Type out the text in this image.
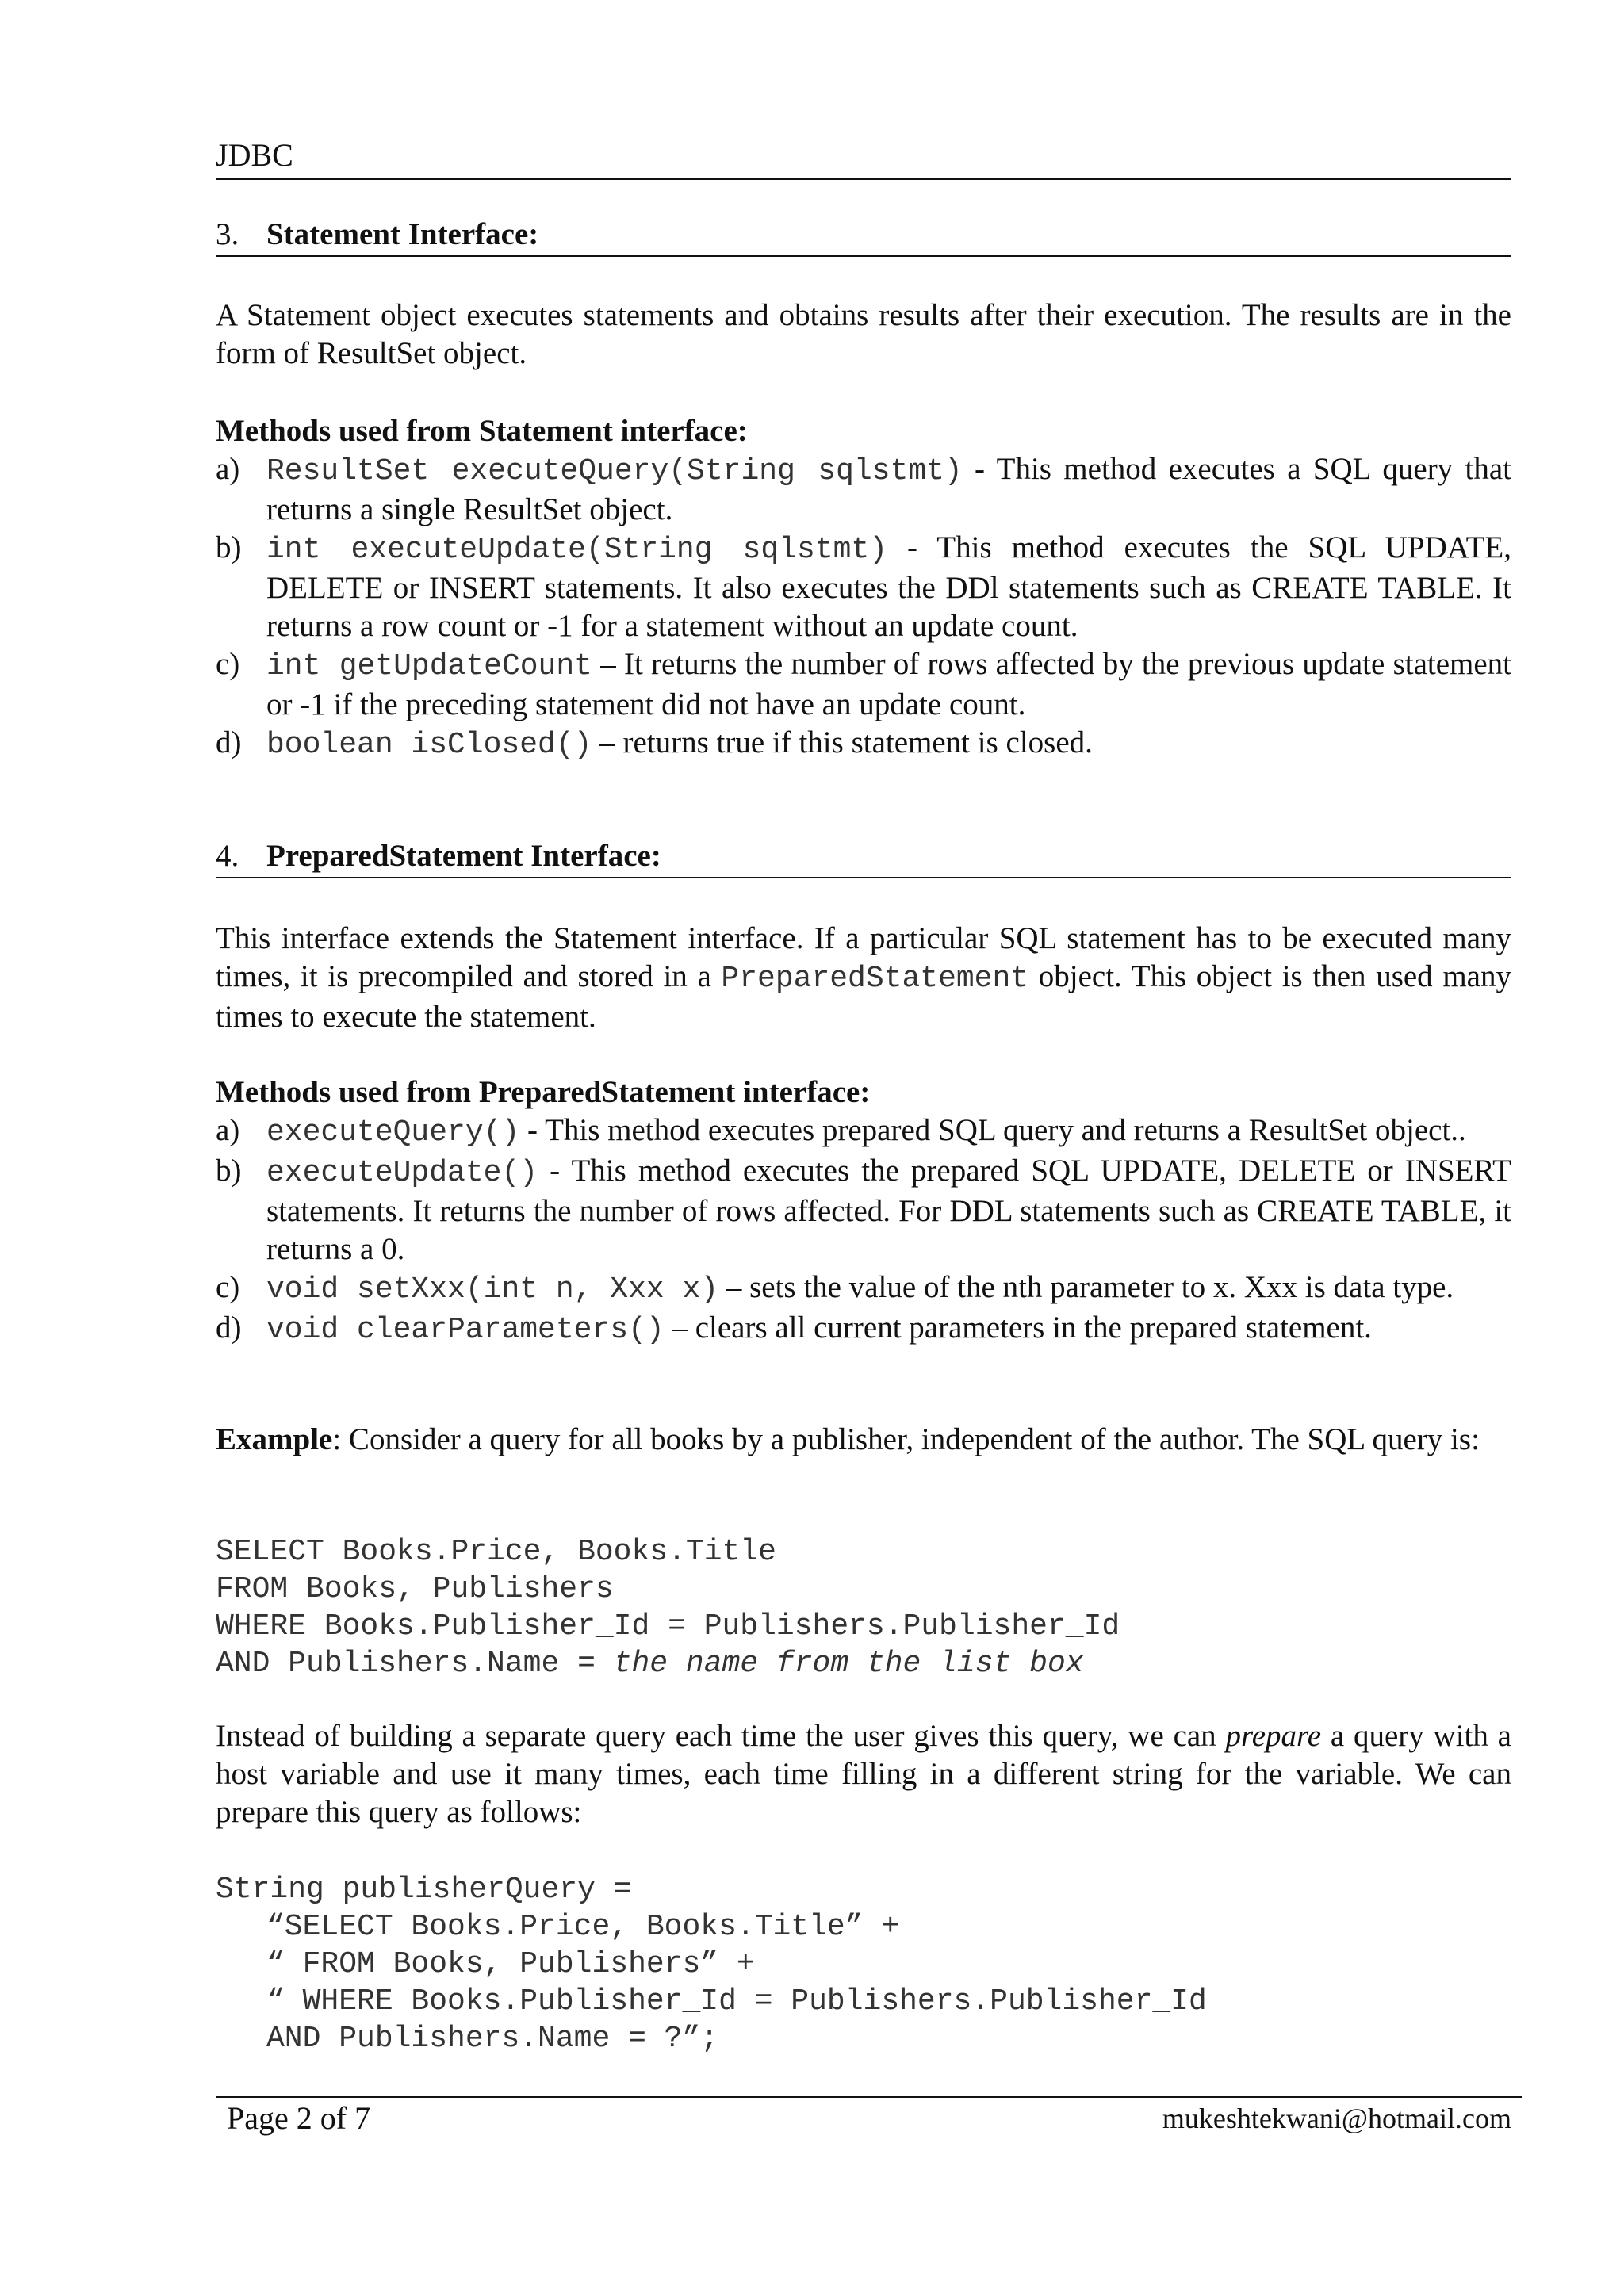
JDBC
3. Statement Interface:
A Statement object executes statements and obtains results after their execution. The results are in the form of ResultSet object.
Methods used from Statement interface:
a) ResultSet executeQuery(String sqlstmt) - This method executes a SQL query that returns a single ResultSet object.
b) int executeUpdate(String sqlstmt) - This method executes the SQL UPDATE, DELETE or INSERT statements. It also executes the DDl statements such as CREATE TABLE. It returns a row count or -1 for a statement without an update count.
c) int getUpdateCount – It returns the number of rows affected by the previous update statement or -1 if the preceding statement did not have an update count.
d) boolean isClosed() – returns true if this statement is closed.
4. PreparedStatement Interface:
This interface extends the Statement interface. If a particular SQL statement has to be executed many times, it is precompiled and stored in a PreparedStatement object. This object is then used many times to execute the statement.
Methods used from PreparedStatement interface:
a) executeQuery() - This method executes prepared SQL query and returns a ResultSet object..
b) executeUpdate() - This method executes the prepared SQL UPDATE, DELETE or INSERT statements. It returns the number of rows affected. For DDL statements such as CREATE TABLE, it returns a 0.
c) void setXxx(int n, Xxx x) – sets the value of the nth parameter to x. Xxx is data type.
d) void clearParameters() – clears all current parameters in the prepared statement.
Example: Consider a query for all books by a publisher, independent of the author. The SQL query is:
SELECT Books.Price, Books.Title
FROM Books, Publishers
WHERE Books.Publisher_Id = Publishers.Publisher_Id
AND Publishers.Name = the name from the list box
Instead of building a separate query each time the user gives this query, we can prepare a query with a host variable and use it many times, each time filling in a different string for the variable. We can prepare this query as follows:
String publisherQuery =
“SELECT Books.Price, Books.Title” +
“ FROM Books, Publishers” +
“ WHERE Books.Publisher_Id = Publishers.Publisher_Id
AND Publishers.Name = ?”;
Page 2 of 7	mukeshtekwani@hotmail.com
